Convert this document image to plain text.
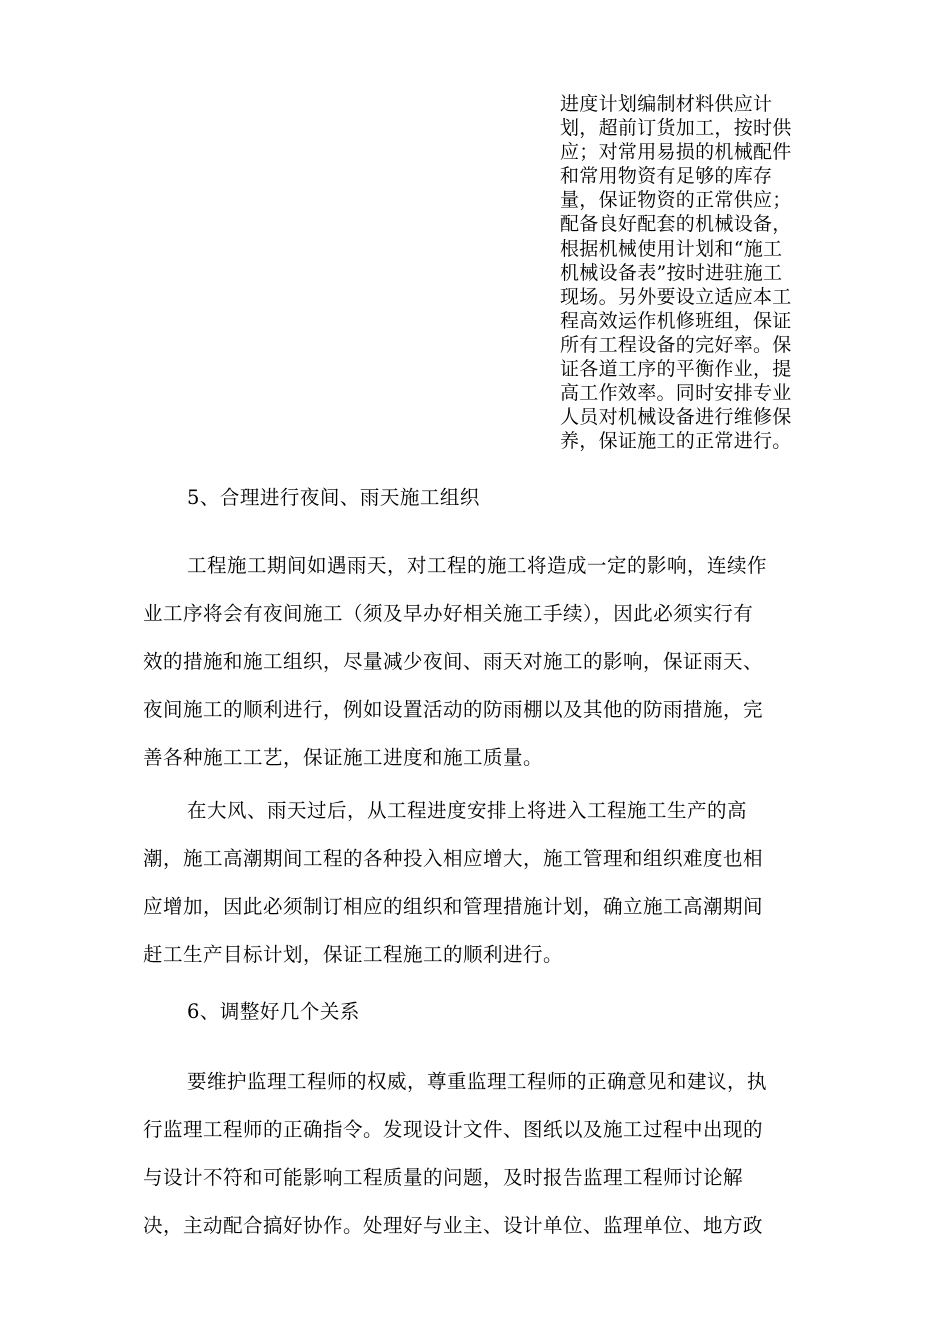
进度计划编制材料供应计
划，超前订货加工，按时供
应；对常用易损的机械配件
和常用物资有足够的库存
量，保证物资的正常供应；
配备良好配套的机械设备，
根据机械使用计划和“施工
机械设备表”按时进驻施工
现场。另外要设立适应本工
程高效运作机修班组，保证
所有工程设备的完好率。保
证各道工序的平衡作业，提
高工作效率。同时安排专业
人员对机械设备进行维修保
养，保证施工的正常进行。
5、合理进行夜间、雨天施工组织
工程施工期间如遇雨天，对工程的施工将造成一定的影响，连续作
业工序将会有夜间施工（须及早办好相关施工手续），因此必须实行有
效的措施和施工组织，尽量减少夜间、雨天对施工的影响，保证雨天、
夜间施工的顺利进行，例如设置活动的防雨棚以及其他的防雨措施，完
善各种施工工艺，保证施工进度和施工质量。
在大风、雨天过后，从工程进度安排上将进入工程施工生产的高
潮，施工高潮期间工程的各种投入相应增大，施工管理和组织难度也相
应增加，因此必须制订相应的组织和管理措施计划，确立施工高潮期间
赶工生产目标计划，保证工程施工的顺利进行。
6、调整好几个关系
要维护监理工程师的权威，尊重监理工程师的正确意见和建议，执
行监理工程师的正确指令。发现设计文件、图纸以及施工过程中出现的
与设计不符和可能影响工程质量的问题，及时报告监理工程师讨论解
决，主动配合搞好协作。处理好与业主、设计单位、监理单位、地方政
